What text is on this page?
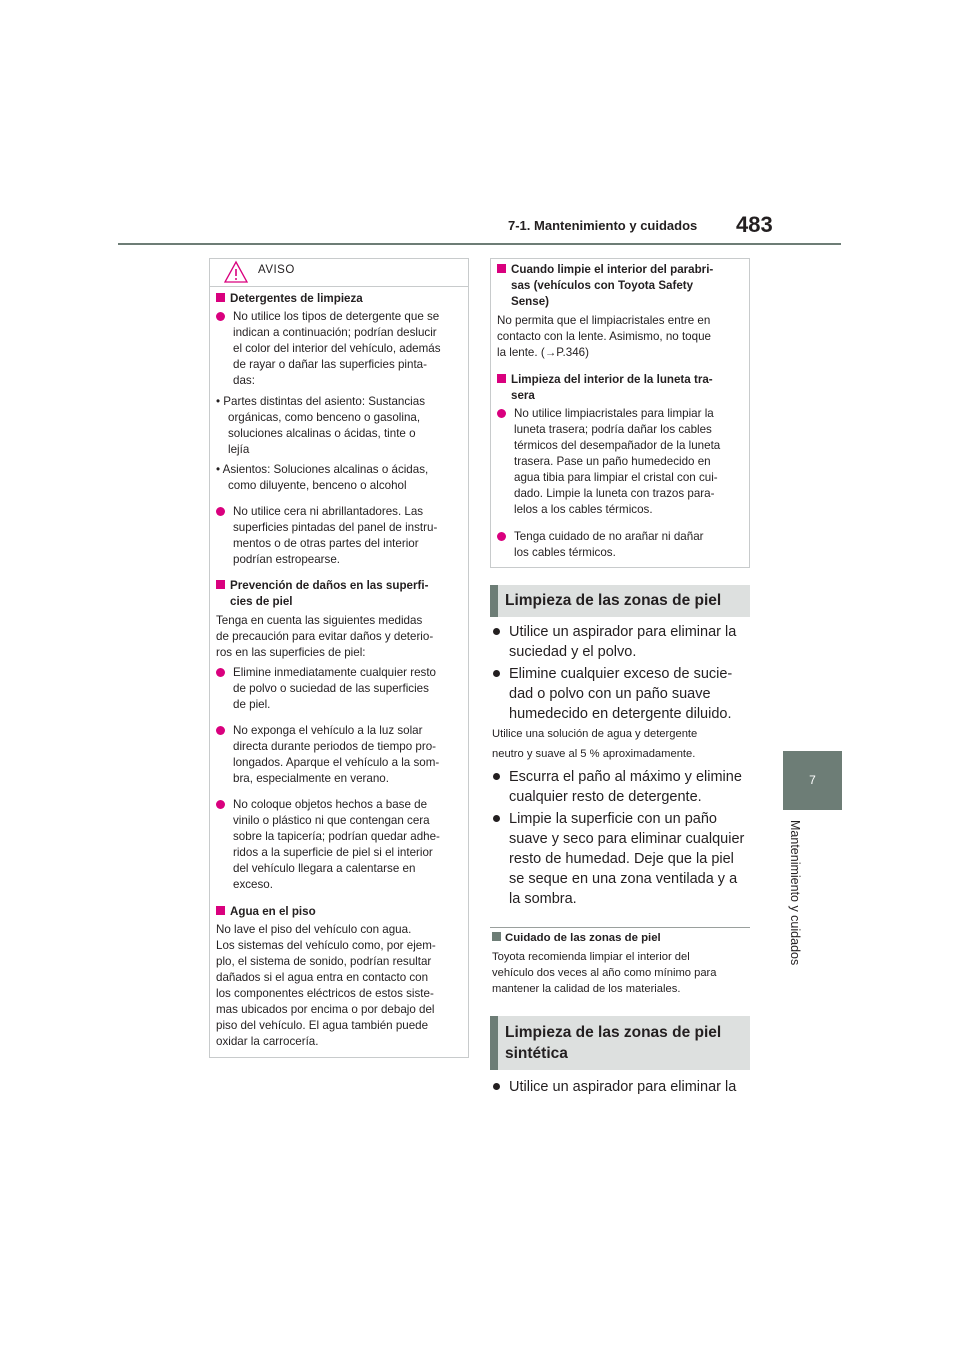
7-1. Mantenimiento y cuidados 483
7
Mantenimiento y cuidados
AVISO
Detergentes de limpieza
No utilice los tipos de detergente que se
indican a continuación; podrían deslucir
el color del interior del vehículo, además
de rayar o dañar las superficies pinta-
das:
• Partes distintas del asiento: Sustancias
orgánicas, como benceno o gasolina,
soluciones alcalinas o ácidas, tinte o
lejía
• Asientos: Soluciones alcalinas o ácidas,
como diluyente, benceno o alcohol
No utilice cera ni abrillantadores. Las
superficies pintadas del panel de instru-
mentos o de otras partes del interior
podrían estropearse.
Prevención de daños en las superfi-
cies de piel
Tenga en cuenta las siguientes medidas
de precaución para evitar daños y deterio-
ros en las superficies de piel:
Elimine inmediatamente cualquier resto
de polvo o suciedad de las superficies
de piel.
No exponga el vehículo a la luz solar
directa durante periodos de tiempo pro-
longados. Aparque el vehículo a la som-
bra, especialmente en verano.
No coloque objetos hechos a base de
vinilo o plástico ni que contengan cera
sobre la tapicería; podrían quedar adhe-
ridos a la superficie de piel si el interior
del vehículo llegara a calentarse en
exceso.
Agua en el piso
No lave el piso del vehículo con agua.
Los sistemas del vehículo como, por ejem-
plo, el sistema de sonido, podrían resultar
dañados si el agua entra en contacto con
los componentes eléctricos de estos siste-
mas ubicados por encima o por debajo del
piso del vehículo. El agua también puede
oxidar la carrocería.
Cuando limpie el interior del parabri-
sas (vehículos con Toyota Safety
Sense)
No permita que el limpiacristales entre en
contacto con la lente. Asimismo, no toque
la lente. (→P.346)
Limpieza del interior de la luneta tra-
sera
No utilice limpiacristales para limpiar la
luneta trasera; podría dañar los cables
térmicos del desempañador de la luneta
trasera. Pase un paño humedecido en
agua tibia para limpiar el cristal con cui-
dado. Limpie la luneta con trazos para-
lelos a los cables térmicos.
Tenga cuidado de no arañar ni dañar
los cables térmicos.
Limpieza de las zonas de piel
Utilice un aspirador para eliminar la
suciedad y el polvo.
Elimine cualquier exceso de sucie-
dad o polvo con un paño suave
humedecido en detergente diluido.
Utilice una solución de agua y detergente
neutro y suave al 5 % aproximadamente.
Escurra el paño al máximo y elimine
cualquier resto de detergente.
Limpie la superficie con un paño
suave y seco para eliminar cualquier
resto de humedad. Deje que la piel
se seque en una zona ventilada y a
la sombra.
Cuidado de las zonas de piel
Toyota recomienda limpiar el interior del
vehículo dos veces al año como mínimo para
mantener la calidad de los materiales.
Limpieza de las zonas de piel
sintética
Utilice un aspirador para eliminar la
